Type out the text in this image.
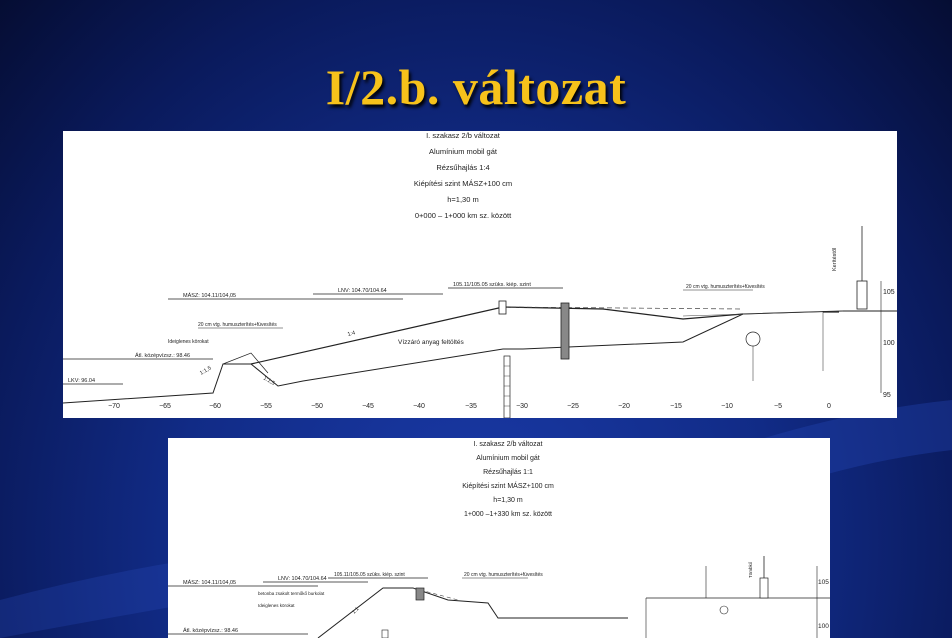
I/2.b. változat
I. szakasz 2/b változat
Alumínium mobil gát
Rézsűhajlás 1:4
Kiépítési szint MÁSZ+100 cm
h=1,30 m
0+000 – 1+000 km sz. között
MÁSZ: 104.11/104,05
LNV: 104.70/104.64
105.11/105.05 szüks. kiép. szint
Átl. középvízsz.: 98.46
LKV: 96.04
Vízzáró anyag feltöltés
1:4
1:1,5
1:1,5
20 cm vtg. humuszterítés+füvesítés
20 cm vtg. humuszterítés+füvesítés
Ideiglenes körokat
Kerítéstől
105
100
95
−70	−65	−60	−55	−50	−45	−40	−35	−30	−25	−20	−15	−10	−5	0
I. szakasz 2/b változat
Alumínium mobil gát
Rézsűhajlás 1:1
Kiépítési szint MÁSZ+100 cm
h=1,30 m
1+000 –1+330 km sz. között
MÁSZ: 104.11/104,05
LNV: 104.70/104.64
105.11/105.05 szüks. kiép. szint	20 cm vtg. humuszterítés+füvesítés
betonba zsakolt termőkő burkolat
Ideiglenes körokat
Átl. középvízsz.: 98.46
1:1
Tömbkő
105
100
